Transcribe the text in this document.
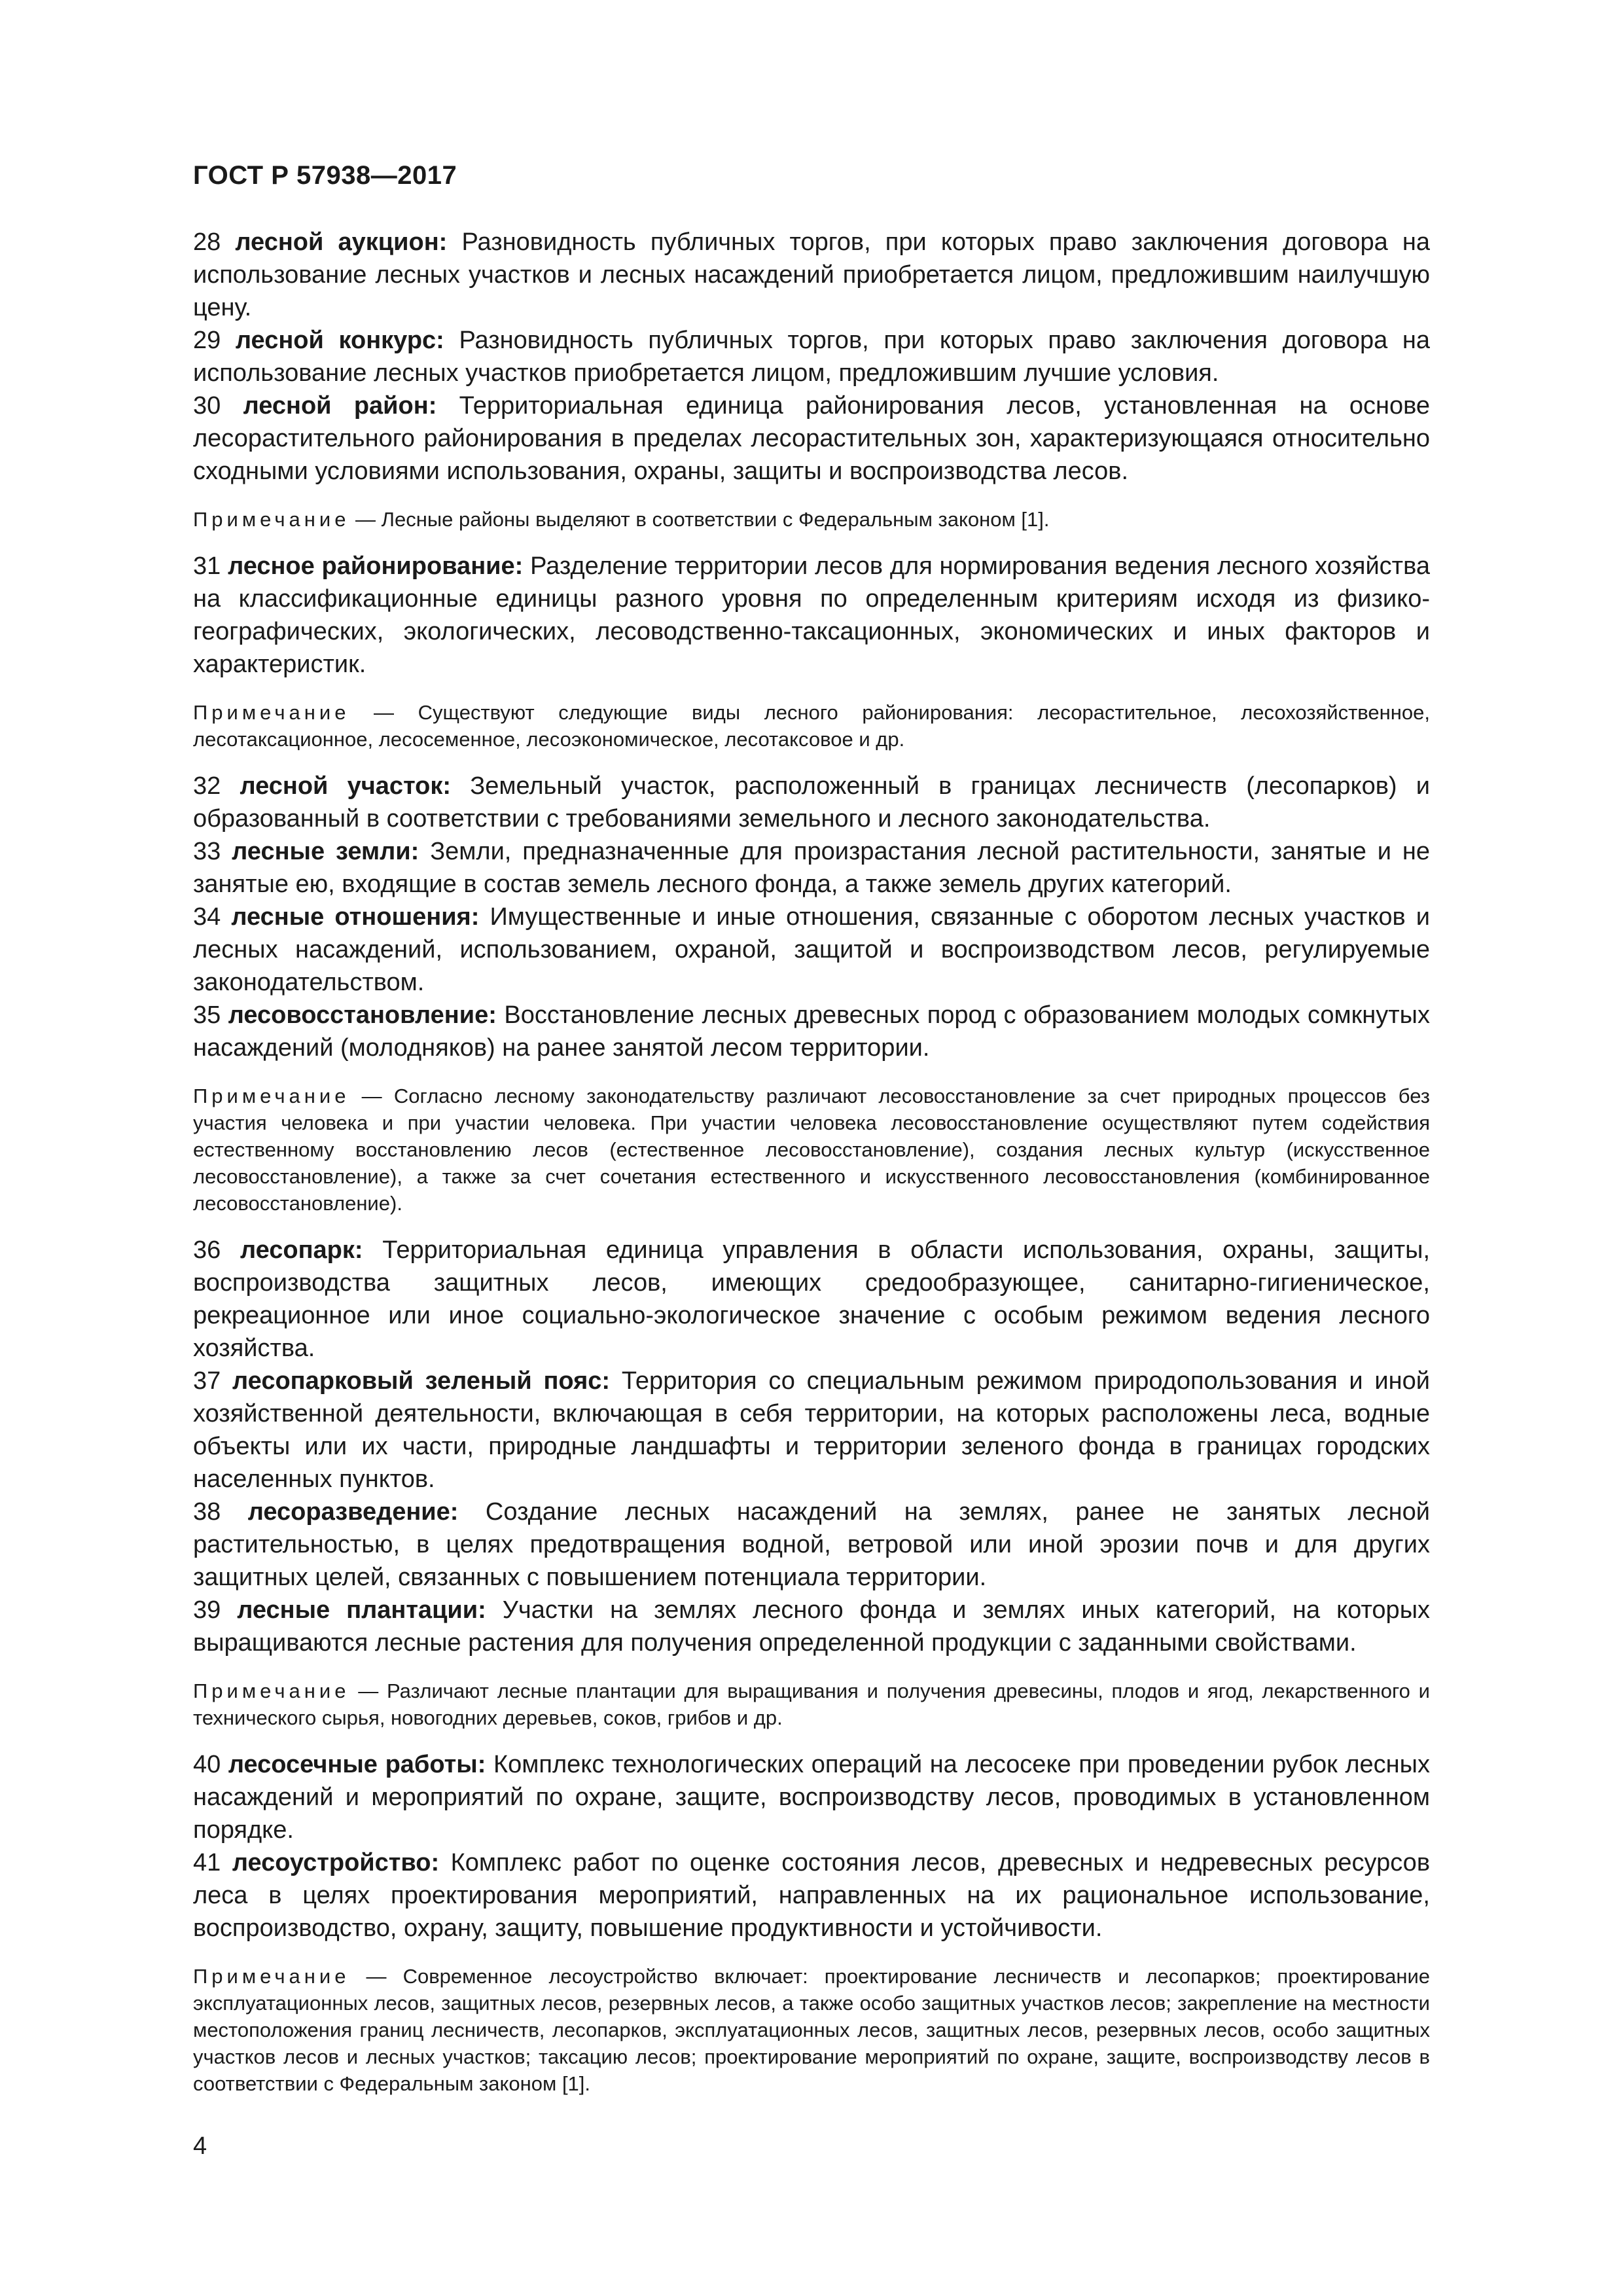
ГОСТ Р 57938—2017

28 лесной аукцион: Разновидность публичных торгов, при которых право заключения договора на использование лесных участков и лесных насаждений приобретается лицом, предложившим наилучшую цену.

29 лесной конкурс: Разновидность публичных торгов, при которых право заключения договора на использование лесных участков приобретается лицом, предложившим лучшие условия.

30 лесной район: Территориальная единица районирования лесов, установленная на основе лесорастительного районирования в пределах лесорастительных зон, характеризующаяся относительно сходными условиями использования, охраны, защиты и воспроизводства лесов.

Примечание — Лесные районы выделяют в соответствии с Федеральным законом [1].

31 лесное районирование: Разделение территории лесов для нормирования ведения лесного хозяйства на классификационные единицы разного уровня по определенным критериям исходя из физико-географических, экологических, лесоводственно-таксационных, экономических и иных факторов и характеристик.

Примечание — Существуют следующие виды лесного районирования: лесорастительное, лесохозяйственное, лесотаксационное, лесосеменное, лесоэкономическое, лесотаксовое и др.

32 лесной участок: Земельный участок, расположенный в границах лесничеств (лесопарков) и образованный в соответствии с требованиями земельного и лесного законодательства.

33 лесные земли: Земли, предназначенные для произрастания лесной растительности, занятые и не занятые ею, входящие в состав земель лесного фонда, а также земель других категорий.

34 лесные отношения: Имущественные и иные отношения, связанные с оборотом лесных участков и лесных насаждений, использованием, охраной, защитой и воспроизводством лесов, регулируемые законодательством.

35 лесовосстановление: Восстановление лесных древесных пород с образованием молодых сомкнутых насаждений (молодняков) на ранее занятой лесом территории.

Примечание — Согласно лесному законодательству различают лесовосстановление за счет природных процессов без участия человека и при участии человека. При участии человека лесовосстановление осуществляют путем содействия естественному восстановлению лесов (естественное лесовосстановление), создания лесных культур (искусственное лесовосстановление), а также за счет сочетания естественного и искусственного лесовосстановления (комбинированное лесовосстановление).

36 лесопарк: Территориальная единица управления в области использования, охраны, защиты, воспроизводства защитных лесов, имеющих средообразующее, санитарно-гигиеническое, рекреационное или иное социально-экологическое значение с особым режимом ведения лесного хозяйства.

37 лесопарковый зеленый пояс: Территория со специальным режимом природопользования и иной хозяйственной деятельности, включающая в себя территории, на которых расположены леса, водные объекты или их части, природные ландшафты и территории зеленого фонда в границах городских населенных пунктов.

38 лесоразведение: Создание лесных насаждений на землях, ранее не занятых лесной растительностью, в целях предотвращения водной, ветровой или иной эрозии почв и для других защитных целей, связанных с повышением потенциала территории.

39 лесные плантации: Участки на землях лесного фонда и землях иных категорий, на которых выращиваются лесные растения для получения определенной продукции с заданными свойствами.

Примечание — Различают лесные плантации для выращивания и получения древесины, плодов и ягод, лекарственного и технического сырья, новогодних деревьев, соков, грибов и др.

40 лесосечные работы: Комплекс технологических операций на лесосеке при проведении рубок лесных насаждений и мероприятий по охране, защите, воспроизводству лесов, проводимых в установленном порядке.

41 лесоустройство: Комплекс работ по оценке состояния лесов, древесных и недревесных ресурсов леса в целях проектирования мероприятий, направленных на их рациональное использование, воспроизводство, охрану, защиту, повышение продуктивности и устойчивости.

Примечание — Современное лесоустройство включает: проектирование лесничеств и лесопарков; проектирование эксплуатационных лесов, защитных лесов, резервных лесов, а также особо защитных участков лесов; закрепление на местности местоположения границ лесничеств, лесопарков, эксплуатационных лесов, защитных лесов, резервных лесов, особо защитных участков лесов и лесных участков; таксацию лесов; проектирование мероприятий по охране, защите, воспроизводству лесов в соответствии с Федеральным законом [1].

4
